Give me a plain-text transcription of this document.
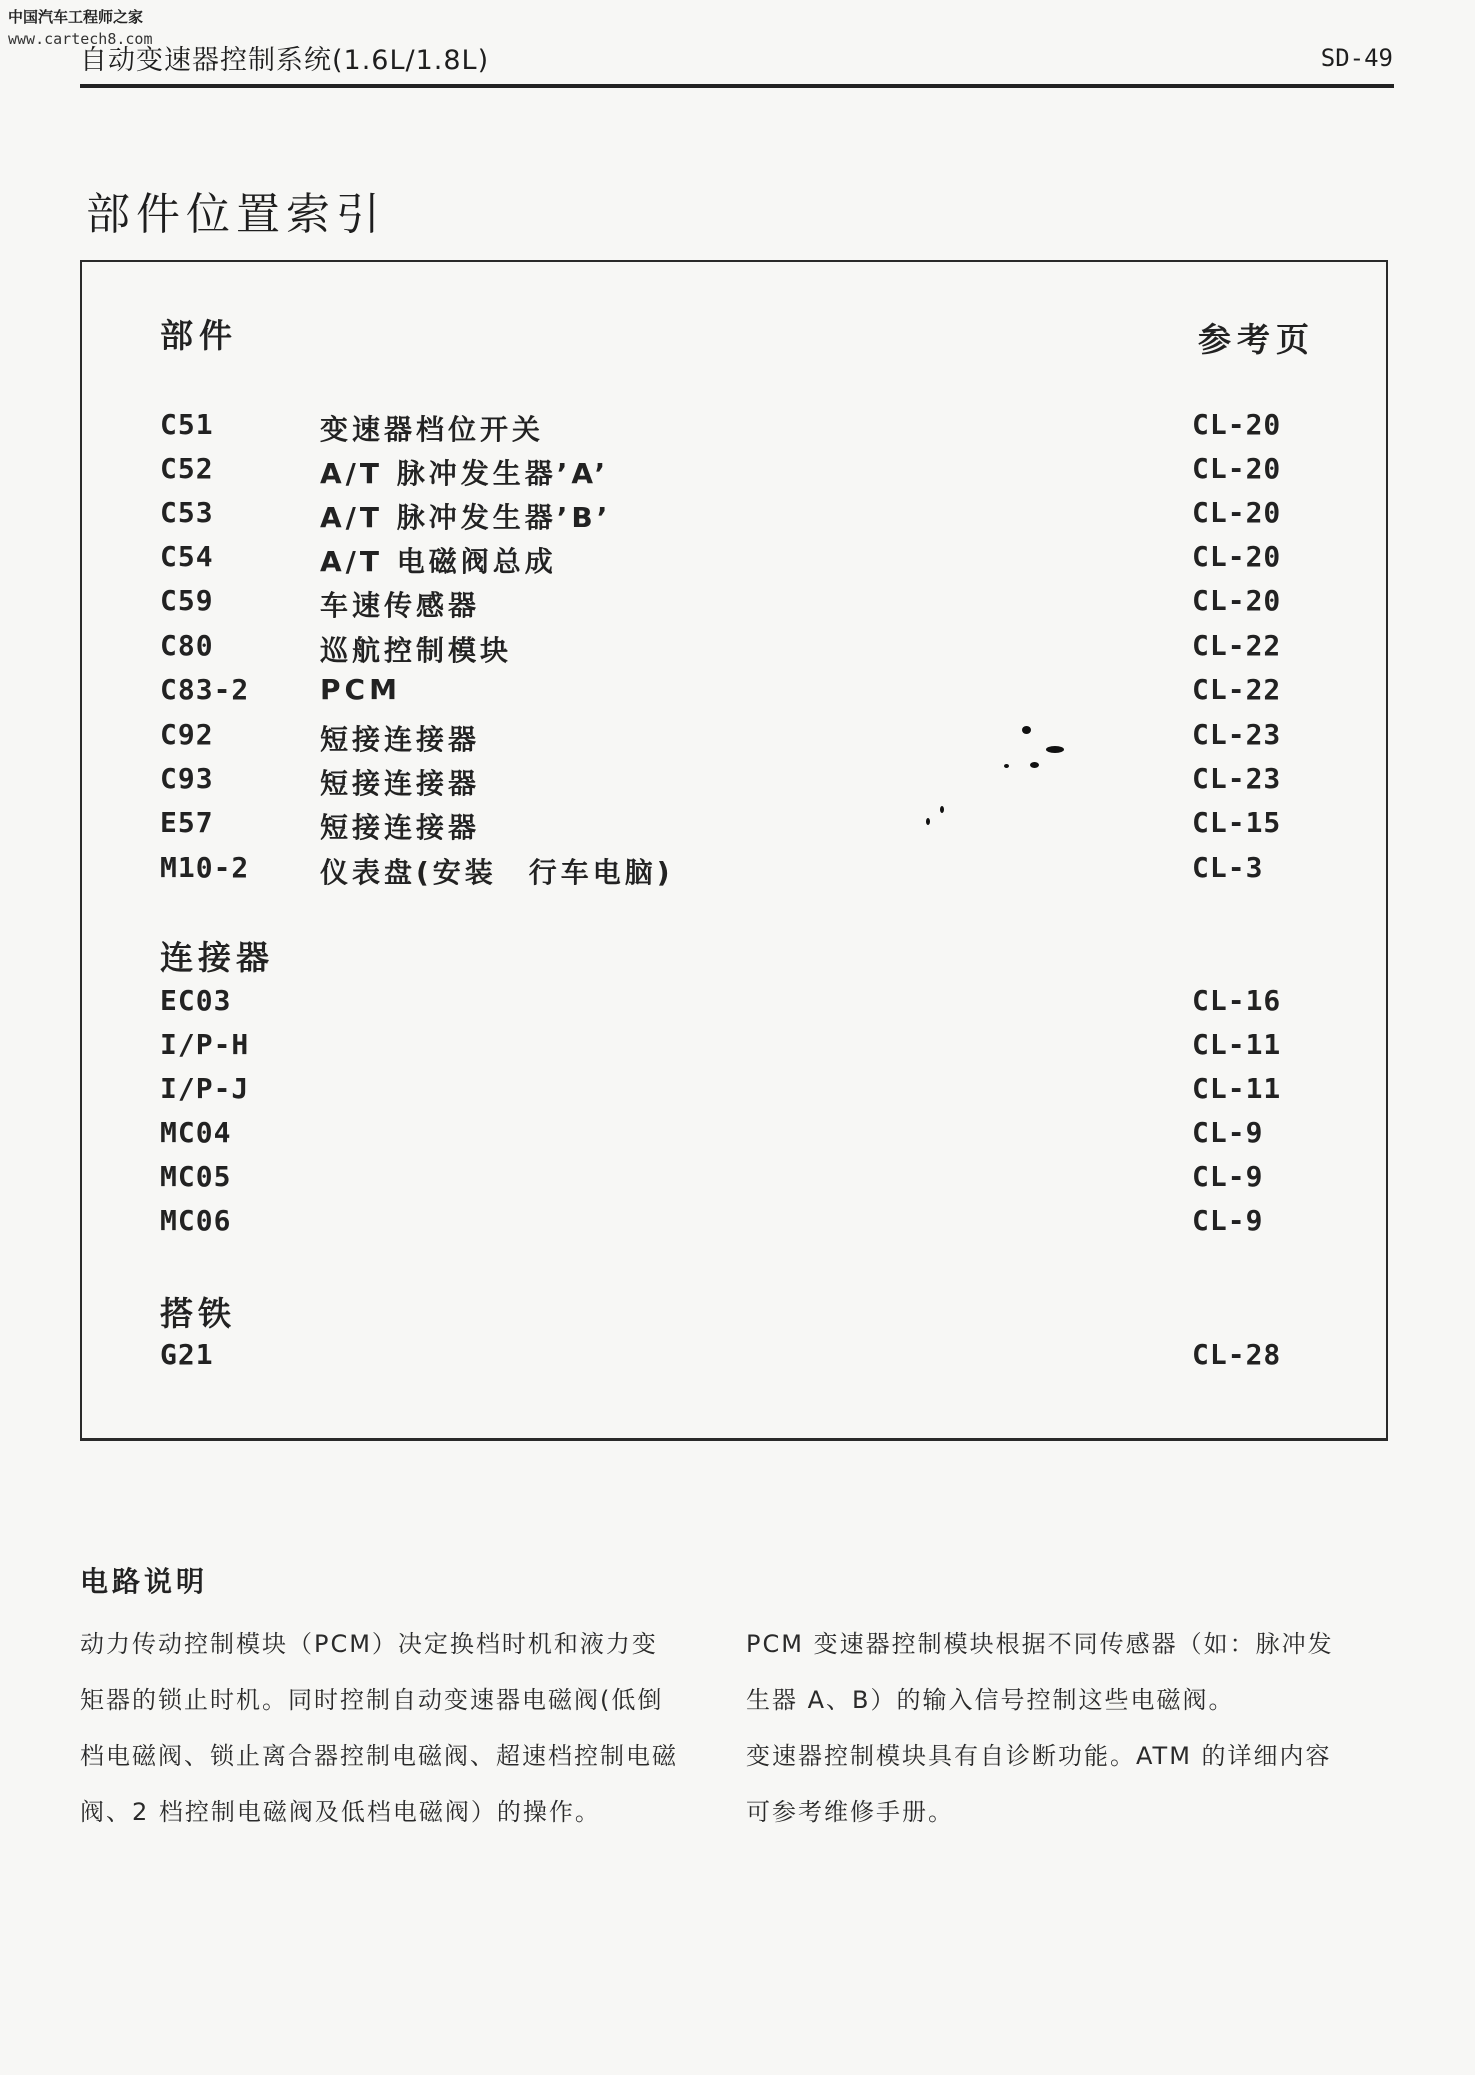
中国汽车工程师之家
www.cartech8.com
自动变速器控制系统(1.6L/1.8L)	SD-49
部件位置索引
部件	参考页
C51	变速器档位开关	CL-20
C52	A/T 脉冲发生器’A’	CL-20
C53	A/T 脉冲发生器’B’	CL-20
C54	A/T 电磁阀总成	CL-20
C59	车速传感器	CL-20
C80	巡航控制模块	CL-22
C83-2	PCM	CL-22
C92	短接连接器	CL-23
C93	短接连接器	CL-23
E57	短接连接器	CL-15
M10-2	仪表盘(安装　行车电脑)	CL-3
连接器
EC03	CL-16
I/P-H	CL-11
I/P-J	CL-11
MC04	CL-9
MC05	CL-9
MC06	CL-9
搭铁
G21	CL-28
电路说明
动力传动控制模块（PCM）决定换档时机和液力变
矩器的锁止时机。同时控制自动变速器电磁阀(低倒
档电磁阀、锁止离合器控制电磁阀、超速档控制电磁
阀、2 档控制电磁阀及低档电磁阀）的操作。
PCM 变速器控制模块根据不同传感器（如：脉冲发
生器 A、B）的输入信号控制这些电磁阀。
变速器控制模块具有自诊断功能。ATM 的详细内容
可参考维修手册。
